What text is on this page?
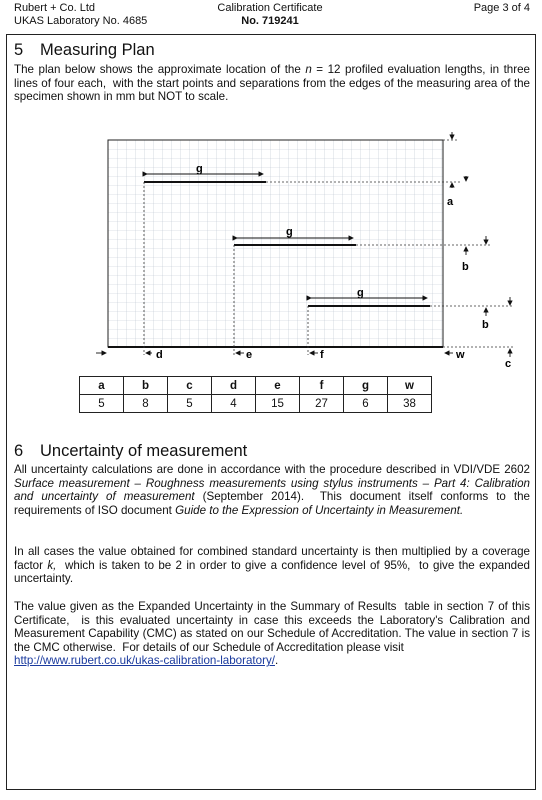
Rubert + Co. Ltd
UKAS Laboratory No. 4685
Calibration Certificate
No. 719241
Page 3 of 4
5 Measuring Plan
The plan below shows the approximate location of the n = 12 profiled evaluation lengths, in three lines of four each,  with the start points and separations from the edges of the measuring area of the specimen shown in mm but NOT to scale.
g
g
g
a
b
b
c
d	e	f	w
a	b	c	d	e	f	g	w
5	8	5	4	15	27	6	38
6 Uncertainty of measurement
All uncertainty calculations are done in accordance with the procedure described in VDI/VDE 2602 Surface measurement – Roughness measurements using stylus instruments – Part 4: Calibration and uncertainty of measurement (September 2014).  This document itself conforms to the requirements of ISO document Guide to the Expression of Uncertainty in Measurement.
In all cases the value obtained for combined standard uncertainty is then multiplied by a coverage factor k,  which is taken to be 2 in order to give a confidence level of 95%,  to give the expanded uncertainty.
The value given as the Expanded Uncertainty in the Summary of Results  table in section 7 of this Certificate,  is this evaluated uncertainty in case this exceeds the Laboratory's Calibration and Measurement Capability (CMC) as stated on our Schedule of Accreditation. The value in section 7 is the CMC otherwise.  For details of our Schedule of Accreditation please visit
http://www.rubert.co.uk/ukas-calibration-laboratory/.
